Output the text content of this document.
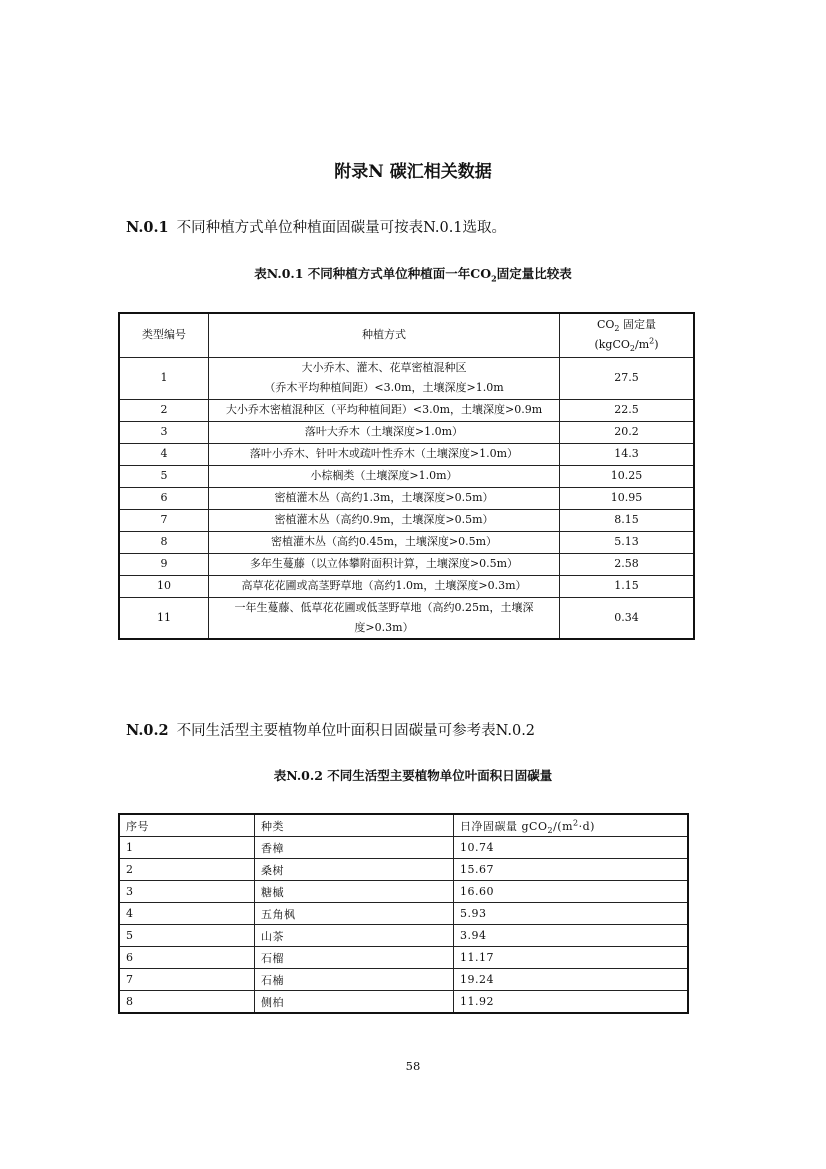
附录N 碳汇相关数据
N.0.1 不同种植方式单位种植面固碳量可按表N.0.1选取。
表N.0.1 不同种植方式单位种植面一年$CO_2$固定量比较表
类型编号	种植方式	$CO_2$ 固定量
$(kgCO_2/m^2)$

1	大小乔木、灌木、花草密植混种区
（乔木平均种植间距）<3.0m，土壤深度>1.0m	27.5
2	大小乔木密植混种区（平均种植间距）<3.0m，土壤深度>0.9m	22.5
3	落叶大乔木（土壤深度>1.0m）	20.2
4	落叶小乔木、针叶木或疏叶性乔木（土壤深度>1.0m）	14.3
5	小棕榈类（土壤深度>1.0m）	10.25
6	密植灌木丛（高约1.3m，土壤深度>0.5m）	10.95
7	密植灌木丛（高约0.9m，土壤深度>0.5m）	8.15
8	密植灌木丛（高约0.45m，土壤深度>0.5m）	5.13
9	多年生蔓藤（以立体攀附面积计算，土壤深度>0.5m）	2.58
10	高草花花圃或高茎野草地（高约1.0m，土壤深度>0.3m）	1.15
11	一年生蔓藤、低草花花圃或低茎野草地（高约0.25m，土壤深
度>0.3m）	0.34
N.0.2 不同生活型主要植物单位叶面积日固碳量可参考表N.0.2
表N.0.2 不同生活型主要植物单位叶面积日固碳量
序号	种类	日净固碳量 $gCO_2/(m^2\cdot d)$
1	香樟	10.74
2	桑树	15.67
3	糖槭	16.60
4	五角枫	5.93
5	山茶	3.94
6	石榴	11.17
7	石楠	19.24
8	侧柏	11.92
58
